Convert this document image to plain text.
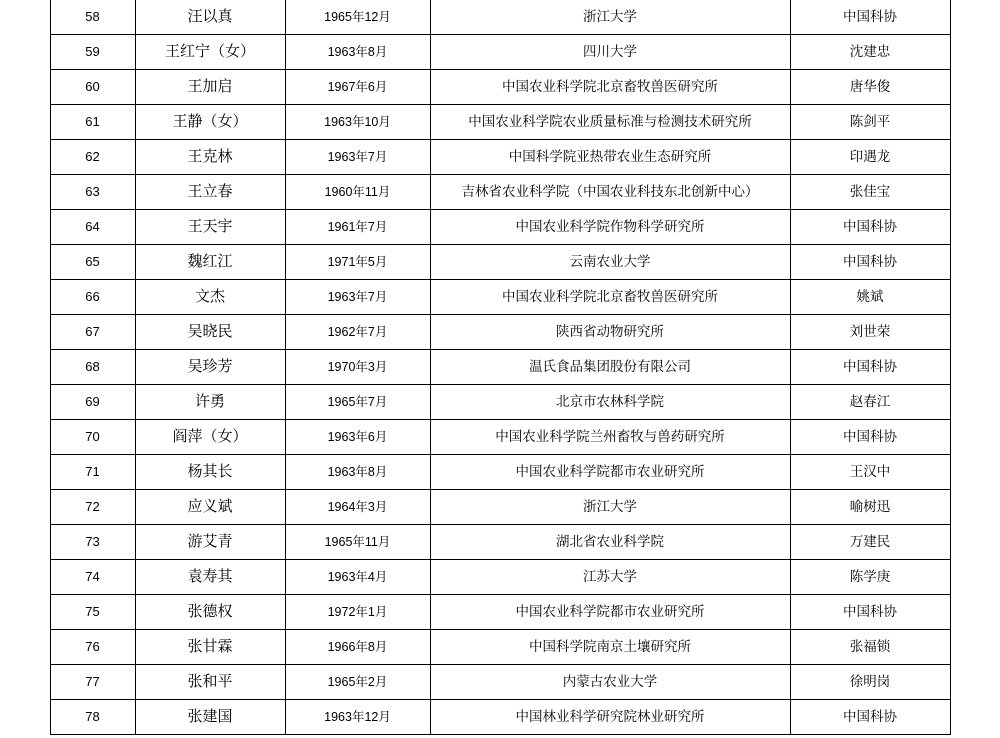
58	汪以真	1965年12月	浙江大学	中国科协
59	王红宁（女）	1963年8月	四川大学	沈建忠
60	王加启	1967年6月	中国农业科学院北京畜牧兽医研究所	唐华俊
61	王静（女）	1963年10月	中国农业科学院农业质量标准与检测技术研究所	陈剑平
62	王克林	1963年7月	中国科学院亚热带农业生态研究所	印遇龙
63	王立春	1960年11月	吉林省农业科学院（中国农业科技东北创新中心）	张佳宝
64	王天宇	1961年7月	中国农业科学院作物科学研究所	中国科协
65	魏红江	1971年5月	云南农业大学	中国科协
66	文杰	1963年7月	中国农业科学院北京畜牧兽医研究所	姚斌
67	吴晓民	1962年7月	陕西省动物研究所	刘世荣
68	吴珍芳	1970年3月	温氏食品集团股份有限公司	中国科协
69	许勇	1965年7月	北京市农林科学院	赵春江
70	阎萍（女）	1963年6月	中国农业科学院兰州畜牧与兽药研究所	中国科协
71	杨其长	1963年8月	中国农业科学院都市农业研究所	王汉中
72	应义斌	1964年3月	浙江大学	喻树迅
73	游艾青	1965年11月	湖北省农业科学院	万建民
74	袁寿其	1963年4月	江苏大学	陈学庚
75	张德权	1972年1月	中国农业科学院都市农业研究所	中国科协
76	张甘霖	1966年8月	中国科学院南京土壤研究所	张福锁
77	张和平	1965年2月	内蒙古农业大学	徐明岗
78	张建国	1963年12月	中国林业科学研究院林业研究所	中国科协
